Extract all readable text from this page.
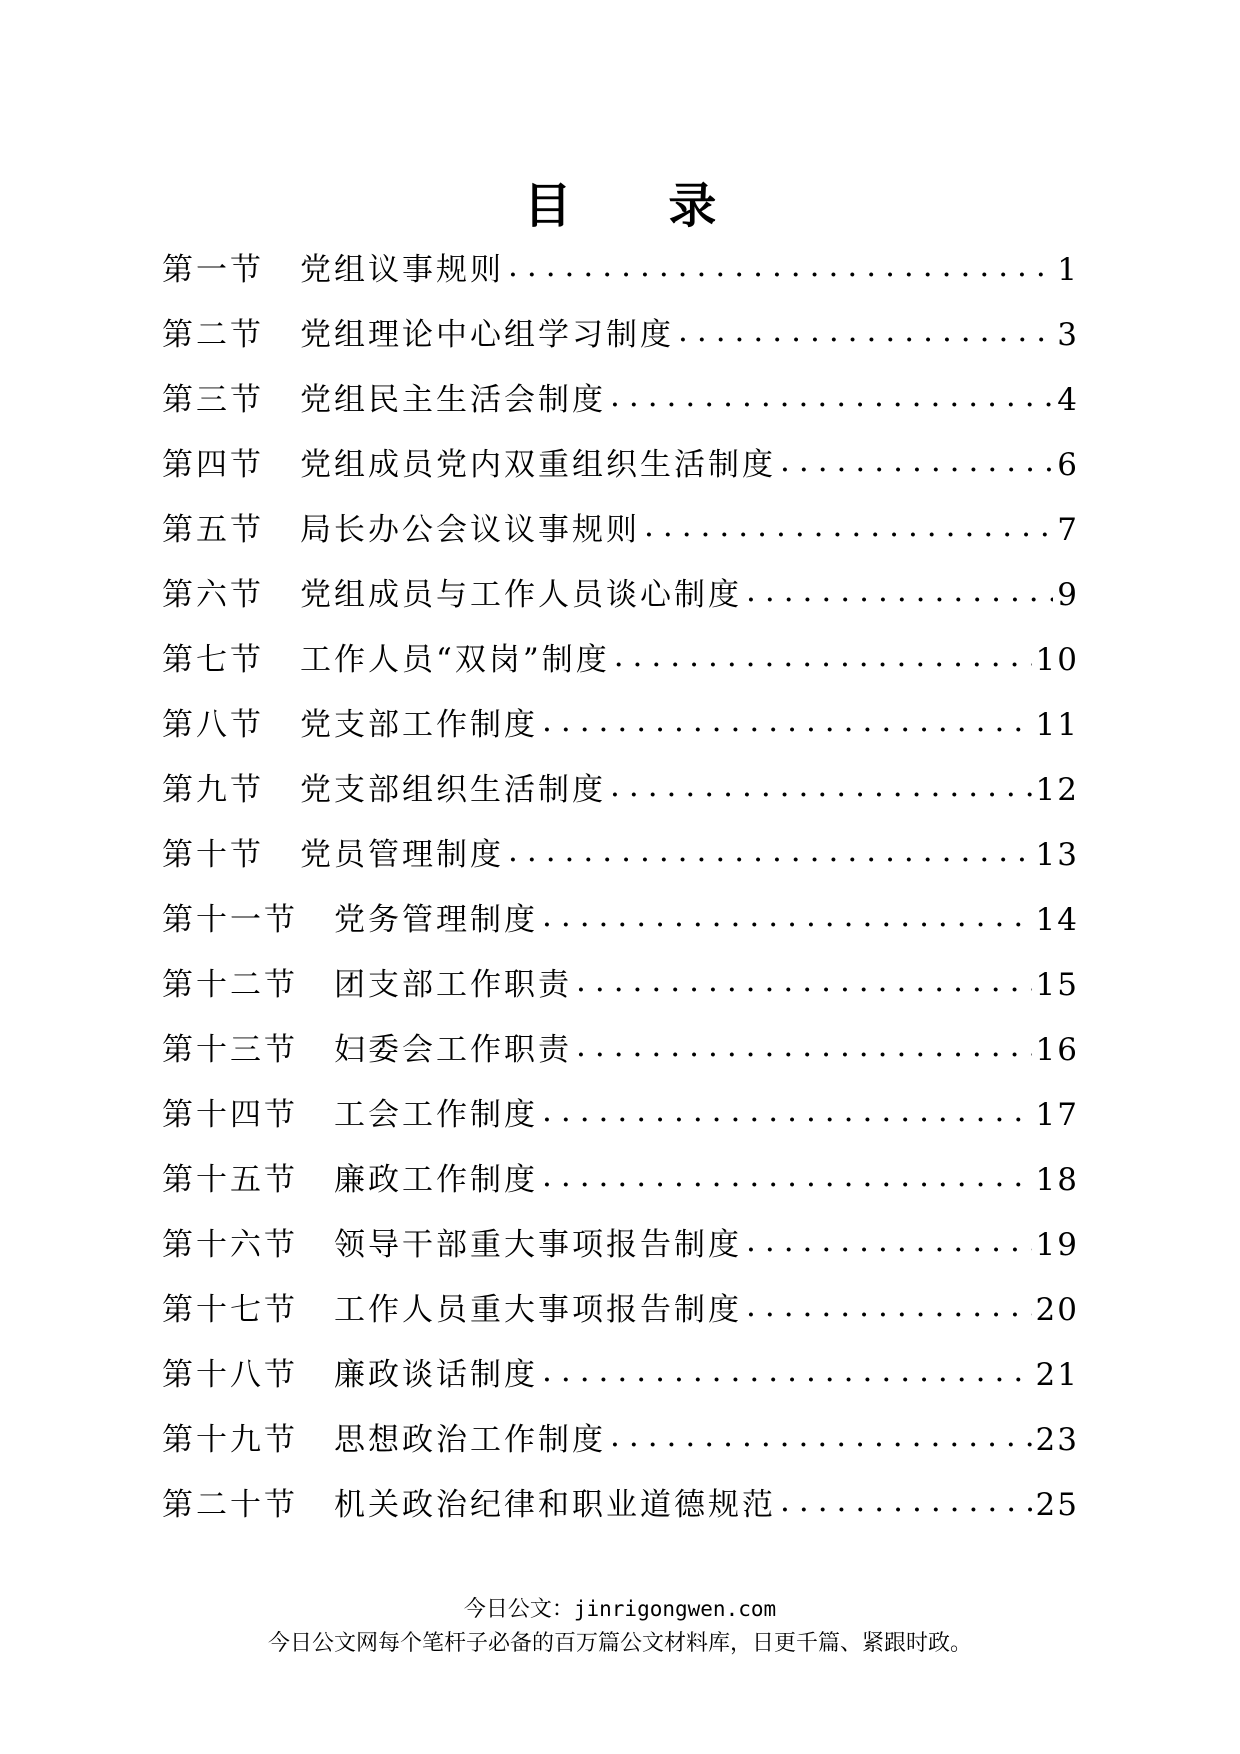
目 录
第一节 党组议事规则 .....	1
第二节 党组理论中心组学习制度 .....	3
第三节 党组民主生活会制度 .....	4
第四节 党组成员党内双重组织生活制度 .....	6
第五节 局长办公会议议事规则 .....	7
第六节 党组成员与工作人员谈心制度 .....	9
第七节 工作人员“双岗”制度 .....	10
第八节 党支部工作制度 .....	11
第九节 党支部组织生活制度 .....	12
第十节 党员管理制度 .....	13
第十一节 党务管理制度 .....	14
第十二节 团支部工作职责 .....	15
第十三节 妇委会工作职责 .....	16
第十四节 工会工作制度 .....	17
第十五节 廉政工作制度 .....	18
第十六节 领导干部重大事项报告制度 .....	19
第十七节 工作人员重大事项报告制度 .....	20
第十八节 廉政谈话制度 .....	21
第十九节 思想政治工作制度 .....	23
第二十节 机关政治纪律和职业道德规范 .....	25
今日公文：jinrigongwen.com
今日公文网每个笔杆子必备的百万篇公文材料库，日更千篇、紧跟时政。
